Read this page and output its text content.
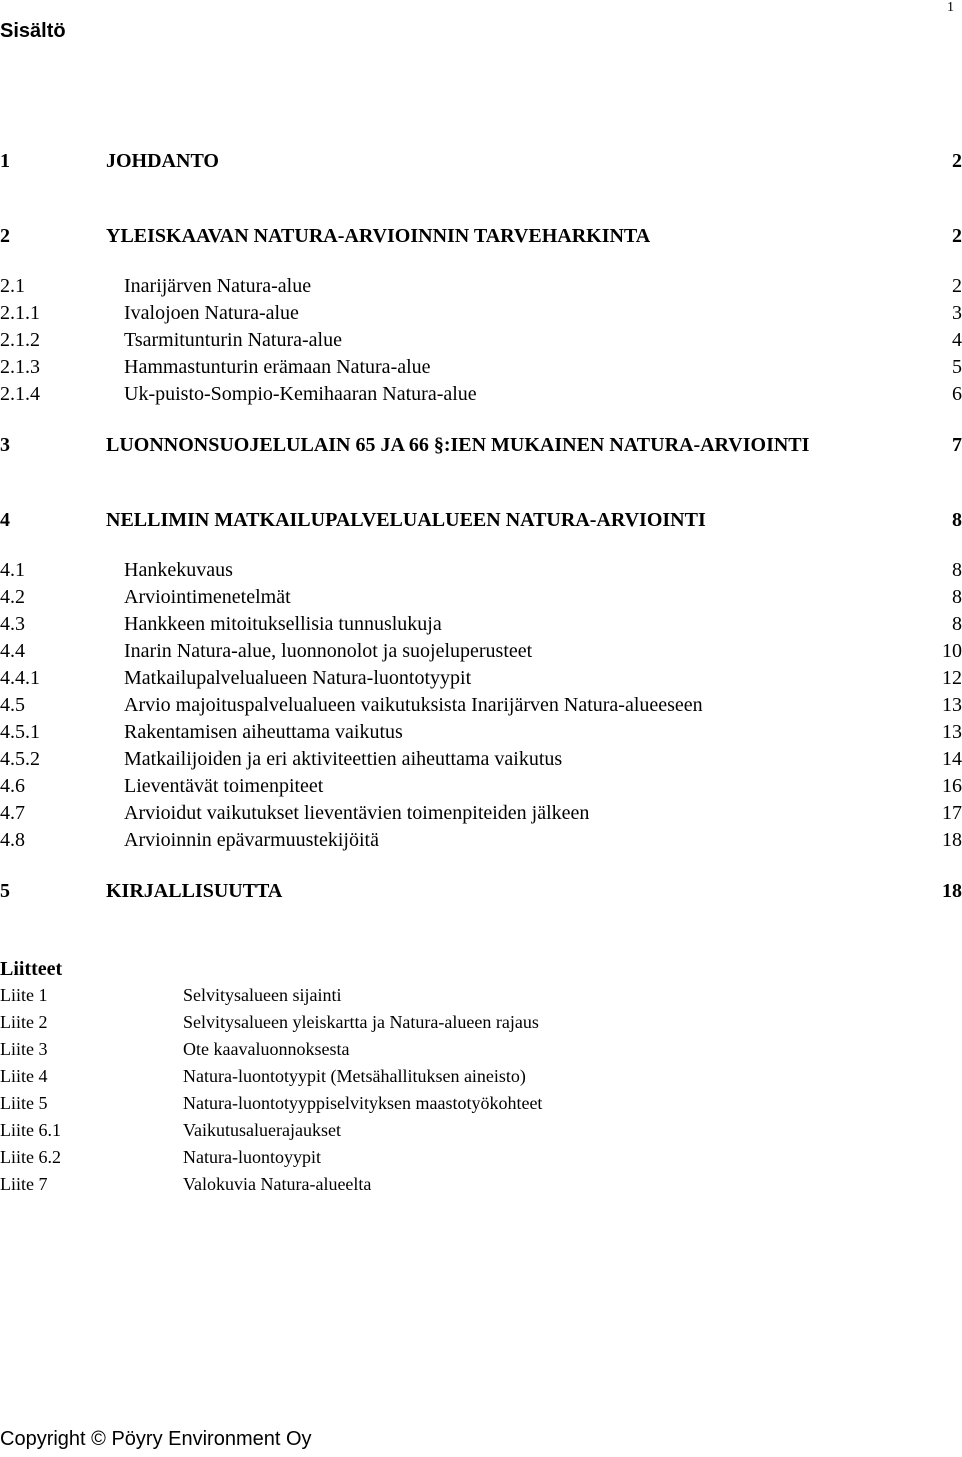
1
Sisältö
1	JOHDANTO	2
2	YLEISKAAVAN NATURA-ARVIOINNIN TARVEHARKINTA	2
2.1	Inarijärven Natura-alue	2
2.1.1	Ivalojoen Natura-alue	3
2.1.2	Tsarmitunturin Natura-alue	4
2.1.3	Hammastunturin erämaan Natura-alue	5
2.1.4	Uk-puisto-Sompio-Kemihaaran Natura-alue	6
3	LUONNONSUOJELULAIN 65 JA 66 §:IEN MUKAINEN NATURA-ARVIOINTI	7
4	NELLIMIN MATKAILUPALVELUALUEEN NATURA-ARVIOINTI	8
4.1	Hankekuvaus	8
4.2	Arviointimenetelmät	8
4.3	Hankkeen mitoituksellisia tunnuslukuja	8
4.4	Inarin Natura-alue, luonnonolot ja suojeluperusteet	10
4.4.1	Matkailupalvelualueen Natura-luontotyypit	12
4.5	Arvio majoituspalvelualueen vaikutuksista Inarijärven Natura-alueeseen	13
4.5.1	Rakentamisen aiheuttama vaikutus	13
4.5.2	Matkailijoiden ja eri aktiviteettien aiheuttama vaikutus	14
4.6	Lieventävät toimenpiteet	16
4.7	Arvioidut vaikutukset lieventävien toimenpiteiden jälkeen	17
4.8	Arvioinnin epävarmuustekijöitä	18
5	KIRJALLISUUTTA	18
Liitteet
Liite 1	Selvitysalueen sijainti
Liite 2	Selvitysalueen yleiskartta ja Natura-alueen rajaus
Liite 3	Ote kaavaluonnoksesta
Liite 4	Natura-luontotyypit (Metsähallituksen aineisto)
Liite 5	Natura-luontotyyppiselvityksen maastotyökohteet
Liite 6.1	Vaikutusaluerajaukset
Liite 6.2	Natura-luontoyypit
Liite 7	Valokuvia Natura-alueelta
Copyright © Pöyry Environment Oy
